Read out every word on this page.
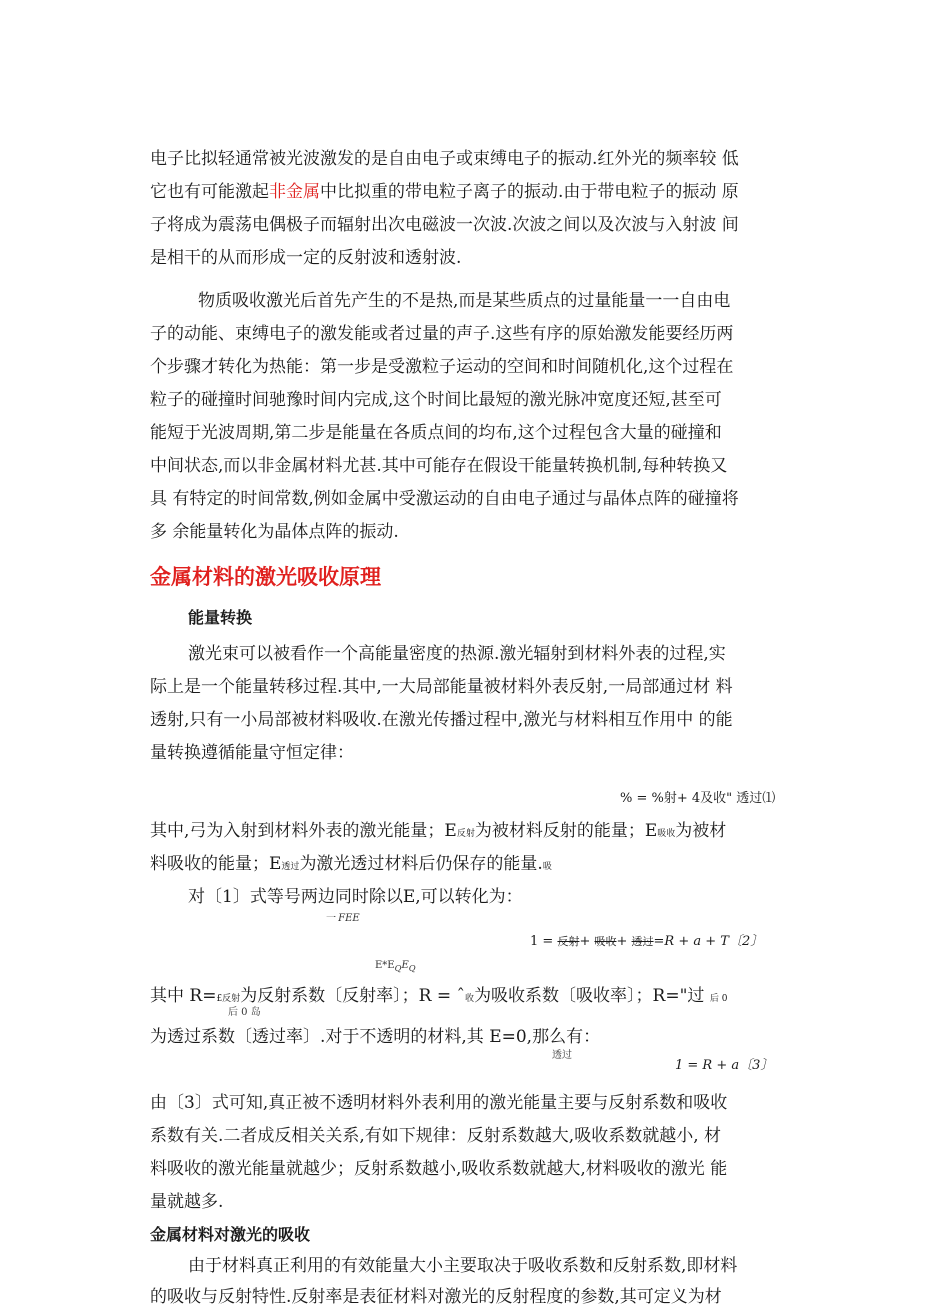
电子比拟轻通常被光波激发的是自由电子或束缚电子的振动.红外光的频率较 低
它也有可能激起非金属中比拟重的带电粒子离子的振动.由于带电粒子的振动 原
子将成为震荡电偶极子而辐射出次电磁波一次波.次波之间以及次波与入射波 间
是相干的从而形成一定的反射波和透射波.
物质吸收激光后首先产生的不是热,而是某些质点的过量能量一一自由电
子的动能、束缚电子的激发能或者过量的声子.这些有序的原始激发能要经历两
个步骤才转化为热能：第一步是受激粒子运动的空间和时间随机化,这个过程在
粒子的碰撞时间驰豫时间内完成,这个时间比最短的激光脉冲宽度还短,甚至可
能短于光波周期,第二步是能量在各质点间的均布,这个过程包含大量的碰撞和
中间状态,而以非金属材料尤甚.其中可能存在假设干能量转换机制,每种转换又
具 有特定的时间常数,例如金属中受激运动的自由电子通过与晶体点阵的碰撞将
多 余能量转化为晶体点阵的振动.
金属材料的激光吸收原理
能量转换
激光束可以被看作一个高能量密度的热源.激光辐射到材料外表的过程,实
际上是一个能量转移过程.其中,一大局部能量被材料外表反射,一局部通过材 料
透射,只有一小局部被材料吸收.在激光传播过程中,激光与材料相互作用中 的能
量转换遵循能量守恒定律：
% = %射+ 4及收" 透过⑴
其中,弓为入射到材料外表的激光能量；E反射为被材料反射的能量；E吸收为被材
料吸收的能量；E透过为激光透过材料后仍保存的能量.吸
对〔1〕式等号两边同时除以E,可以转化为：
一 FEE
1 = 反射+ 吸收+ 透过=R + a + T〔2〕
$E*E_QE_Q$
其中 R=£反射为反射系数〔反射率〕；R = ˆ收为吸收系数〔吸收率〕；R="过 后 0
后 0 岛
为透过系数〔透过率〕.对于不透明的材料,其 E=0,那么有：
透过
1 = R + a〔3〕
由〔3〕式可知,真正被不透明材料外表利用的激光能量主要与反射系数和吸收
系数有关.二者成反相关关系,有如下规律：反射系数越大,吸收系数就越小, 材
料吸收的激光能量就越少；反射系数越小,吸收系数就越大,材料吸收的激光 能
量就越多.
金属材料对激光的吸收
由于材料真正利用的有效能量大小主要取决于吸收系数和反射系数,即材料
的吸收与反射特性.反射率是表征材料对激光的反射程度的参数,其可定义为材
